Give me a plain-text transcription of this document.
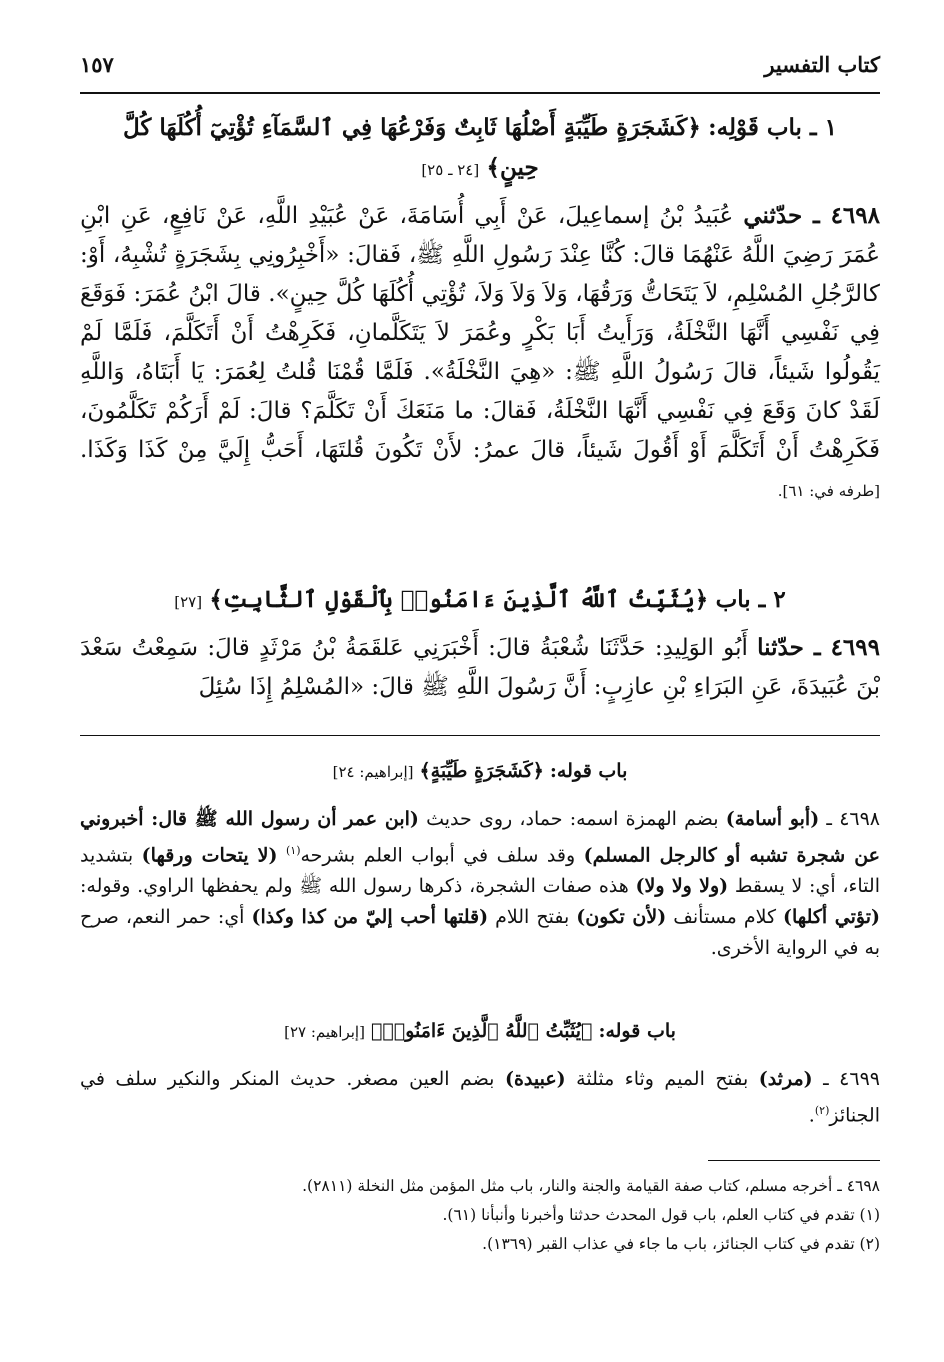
كتاب التفسير
١٥٧
١ ـ باب قَوْلِه: ﴿كَشَجَرَةٍ طَيِّبَةٍ أَصْلُهَا ثَابِتٌ وَفَرْعُهَا فِي ٱلسَّمَآءِ تُؤْتِيٓ أُكُلَهَا كُلَّ حِينٍ﴾ [٢٤ ـ ٢٥]
٤٦٩٨ ـ حدّثني عُبَيدُ بْنُ إسماعِيلَ، عَنْ أَبِي أُسَامَةَ، عَنْ عُبَيْدِ اللَّهِ، عَنْ نَافِعٍ، عَنِ ابْنِ عُمَرَ رَضِيَ اللَّهُ عَنْهُمَا قالَ: كُنَّا عِنْدَ رَسُولِ اللَّهِ ﷺ، فَقالَ: «أَخْبِرُونِي بِشَجَرَةٍ تُشْبِهُ، أَوْ: كالرَّجُلِ المُسْلِمِ، لاَ يَتَحَاتُّ وَرَقُهَا، وَلاَ وَلاَ وَلاَ، تُؤْتِي أُكُلَهَا كُلَّ حِينٍ». قالَ ابْنُ عُمَرَ: فَوَقَعَ فِي نَفْسِي أَنَّهَا النَّخْلَةُ، وَرَأَيتُ أَبَا بَكْرٍ وعُمَرَ لاَ يَتَكَلَّمانِ، فَكَرِهْتُ أَنْ أَتَكَلَّمَ، فَلَمَّا لَمْ يَقُولُوا شَيئاً، قالَ رَسُولُ اللَّهِ ﷺ: «هِيَ النَّخْلَةُ». فَلَمَّا قُمْنَا قُلتُ لِعُمَرَ: يَا أَبَتَاهُ، وَاللَّهِ لَقَدْ كانَ وَقَعَ فِي نَفْسِي أَنَّهَا النَّخْلَةُ، فَقالَ: ما مَنَعَكَ أَنْ تَكَلَّمَ؟ قالَ: لَمْ أَرَكُمْ تَكَلَّمُونَ، فَكَرِهْتُ أَنْ أَتَكَلَّمَ أَوْ أَقُولَ شَيئاً، قالَ عمرُ: لأَنْ تَكُونَ قُلتَهَا، أَحَبُّ إِلَيَّ مِنْ كَذَا وَكَذَا. [طرفه في: ٦١].
٢ ـ باب ﴿يُثَبِّتُ ٱللَّهُ ٱلَّذِينَ ءَامَنُوا۟ بِٱلْقَوْلِ ٱلثَّابِتِ﴾ [٢٧]
٤٦٩٩ ـ حدّثنا أَبُو الوَلِيدِ: حَدَّثَنَا شُعْبَةُ قالَ: أَخْبَرَنِي عَلقَمَةُ بْنُ مَرْثَدٍ قالَ: سَمِعْتُ سَعْدَ بْنَ عُبَيدَةَ، عَنِ البَرَاءِ بْنِ عازِبٍ: أَنَّ رَسُولَ اللَّهِ ﷺ قالَ: «المُسْلِمُ إِذَا سُئِلَ
باب قوله: ﴿كَشَجَرَةٍ طَيِّبَةٍ﴾ [إبراهيم: ٢٤]
٤٦٩٨ ـ (أبو أسامة) بضم الهمزة اسمه: حماد، روى حديث (ابن عمر أن رسول الله ﷺ قال: أخبروني عن شجرة تشبه أو كالرجل المسلم) وقد سلف في أبواب العلم بشرحه$^{(١)}$ (لا يتحات ورقها) بتشديد التاء، أي: لا يسقط (ولا ولا ولا) هذه صفات الشجرة، ذكرها رسول الله ﷺ ولم يحفظها الراوي. وقوله: (تؤتي أكلها) كلام مستأنف (لأن تكون) بفتح اللام (قلتها أحب إليّ من كذا وكذا) أي: حمر النعم، صرح به في الرواية الأخرى.
باب قوله: ﴿يُثَبِّتُ ٱللَّهُ ٱلَّذِينَ ءَامَنُوا۟﴾ [إبراهيم: ٢٧]
٤٦٩٩ ـ (مرثد) بفتح الميم وثاء مثلثة (عبيدة) بضم العين مصغر. حديث المنكر والنكير سلف في الجنائز$^{(٢)}$.
٤٦٩٨ ـ أخرجه مسلم، كتاب صفة القيامة والجنة والنار، باب مثل المؤمن مثل النخلة (٢٨١١).
(١) تقدم في كتاب العلم، باب قول المحدث حدثنا وأخبرنا وأنبأنا (٦١).
(٢) تقدم في كتاب الجنائز، باب ما جاء في عذاب القبر (١٣٦٩).
